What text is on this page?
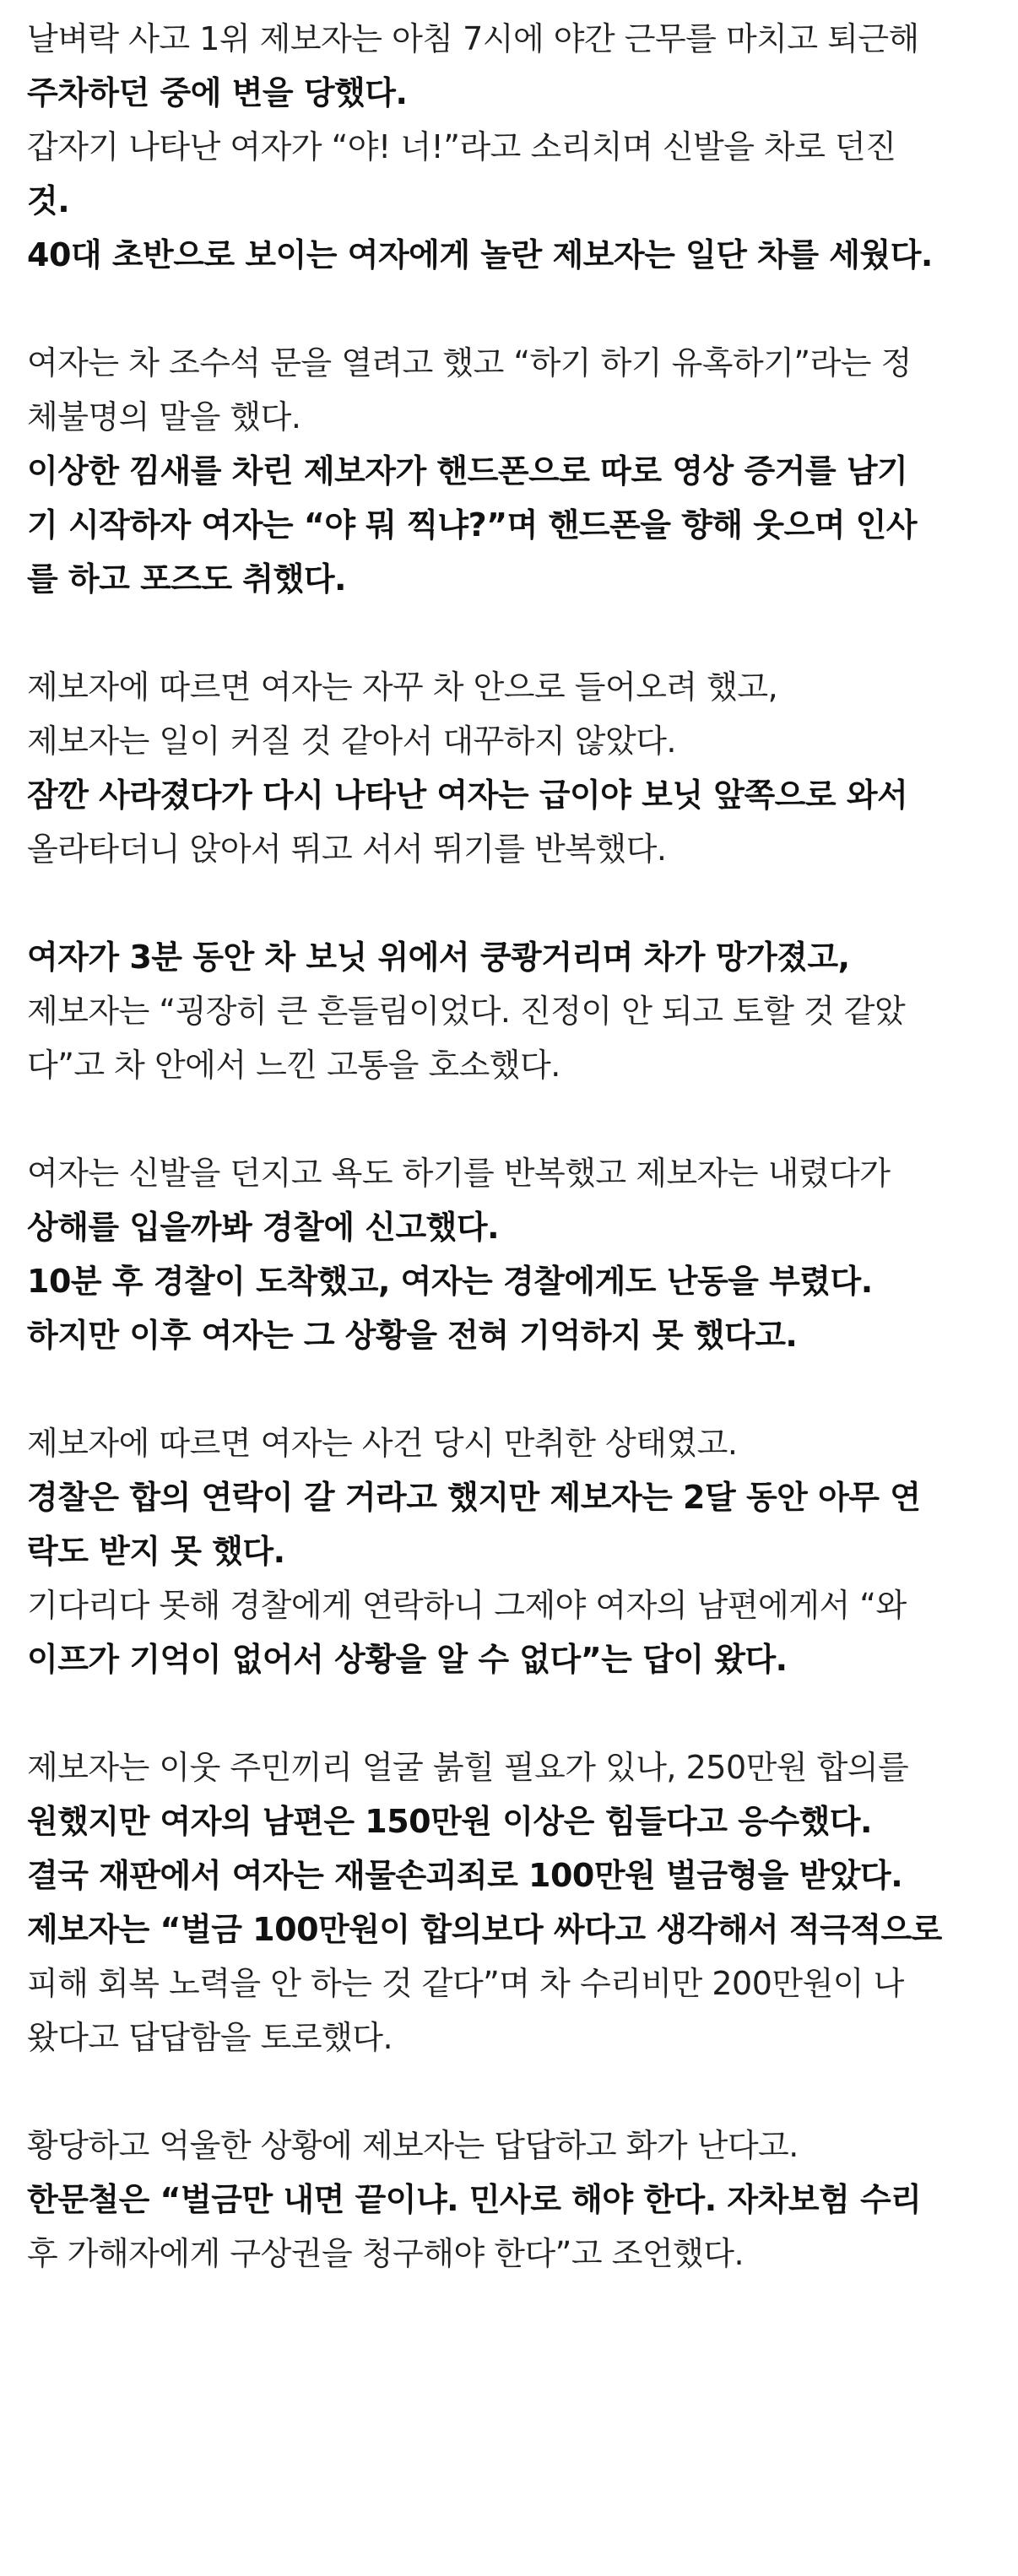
날벼락 사고 1위 제보자는 아침 7시에 야간 근무를 마치고 퇴근해
주차하던 중에 변을 당했다.
갑자기 나타난 여자가 “야! 너!”라고 소리치며 신발을 차로 던진
것.
40대 초반으로 보이는 여자에게 놀란 제보자는 일단 차를 세웠다.
여자는 차 조수석 문을 열려고 했고 “하기 하기 유혹하기”라는 정
체불명의 말을 했다.
이상한 낌새를 차린 제보자가 핸드폰으로 따로 영상 증거를 남기
기 시작하자 여자는 “야 뭐 찍냐?”며 핸드폰을 향해 웃으며 인사
를 하고 포즈도 취했다.
제보자에 따르면 여자는 자꾸 차 안으로 들어오려 했고,
제보자는 일이 커질 것 같아서 대꾸하지 않았다.
잠깐 사라졌다가 다시 나타난 여자는 급이야 보닛 앞쪽으로 와서
올라타더니 앉아서 뛰고 서서 뛰기를 반복했다.
여자가 3분 동안 차 보닛 위에서 쿵쾅거리며 차가 망가졌고,
제보자는 “굉장히 큰 흔들림이었다. 진정이 안 되고 토할 것 같았
다”고 차 안에서 느낀 고통을 호소했다.
여자는 신발을 던지고 욕도 하기를 반복했고 제보자는 내렸다가
상해를 입을까봐 경찰에 신고했다.
10분 후 경찰이 도착했고, 여자는 경찰에게도 난동을 부렸다.
하지만 이후 여자는 그 상황을 전혀 기억하지 못 했다고.
제보자에 따르면 여자는 사건 당시 만취한 상태였고.
경찰은 합의 연락이 갈 거라고 했지만 제보자는 2달 동안 아무 연
락도 받지 못 했다.
기다리다 못해 경찰에게 연락하니 그제야 여자의 남편에게서 “와
이프가 기억이 없어서 상황을 알 수 없다”는 답이 왔다.
제보자는 이웃 주민끼리 얼굴 붉힐 필요가 있나, 250만원 합의를
원했지만 여자의 남편은 150만원 이상은 힘들다고 응수했다.
결국 재판에서 여자는 재물손괴죄로 100만원 벌금형을 받았다.
제보자는 “벌금 100만원이 합의보다 싸다고 생각해서 적극적으로
피해 회복 노력을 안 하는 것 같다”며 차 수리비만 200만원이 나
왔다고 답답함을 토로했다.
황당하고 억울한 상황에 제보자는 답답하고 화가 난다고.
한문철은 “벌금만 내면 끝이냐. 민사로 해야 한다. 자차보험 수리
후 가해자에게 구상권을 청구해야 한다”고 조언했다.
